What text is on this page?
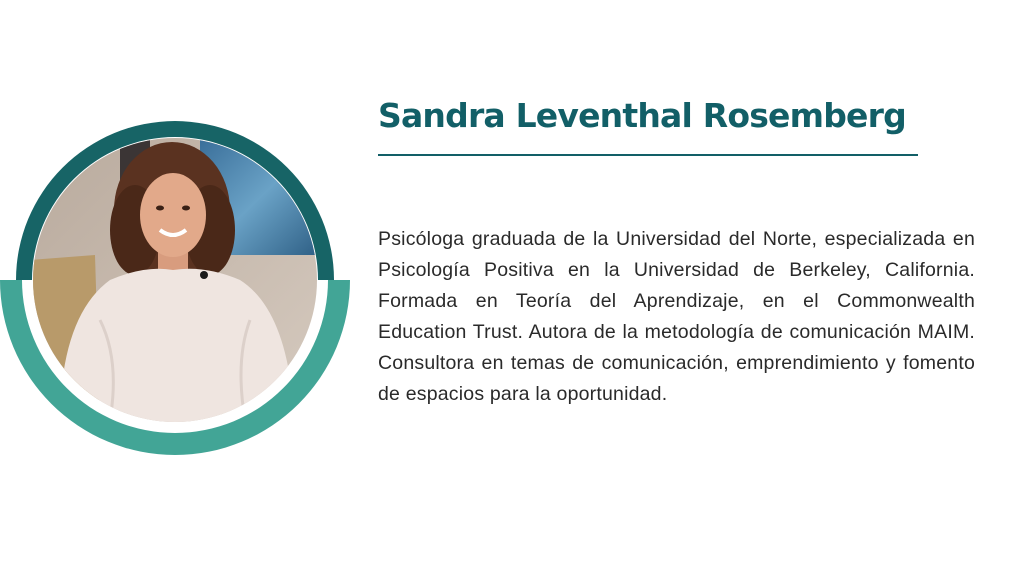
Sandra Leventhal Rosemberg

Psicóloga graduada de la Universidad del Norte, especializada en Psicología Positiva en la Universidad de Berkeley, California. Formada en Teoría del Aprendizaje, en el Commonwealth Education Trust. Autora de la metodología de comunicación MAIM. Consultora en temas de comunicación, emprendimiento y fomento de espacios para la oportunidad.
